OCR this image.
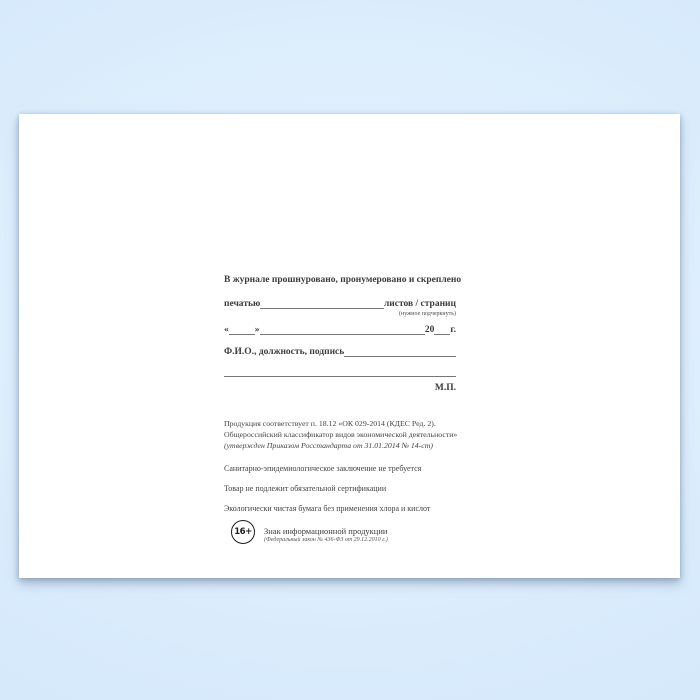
В журнале прошнуровано, пронумеровано и скреплено
печатью	листов / страниц
(нужное подчеркнуть)
«	»	20 г.
Ф.И.О., должность, подпись
М.П.
Продукция соответствует п. 18.12 «ОК 029-2014 (КДЕС Ред. 2).
Общероссийский классификатор видов экономической деятельности»
(утвержден Приказом Росстандарта от 31.01.2014 № 14-ст)
Санитарно-эпидемиологическое заключение не требуется
Товар не подлежит обязательной сертификации
Экологически чистая бумага без применения хлора и кислот
16+	Знак информационной продукции
(Федеральный закон № 436-ФЗ от 29.12.2010 г.)
